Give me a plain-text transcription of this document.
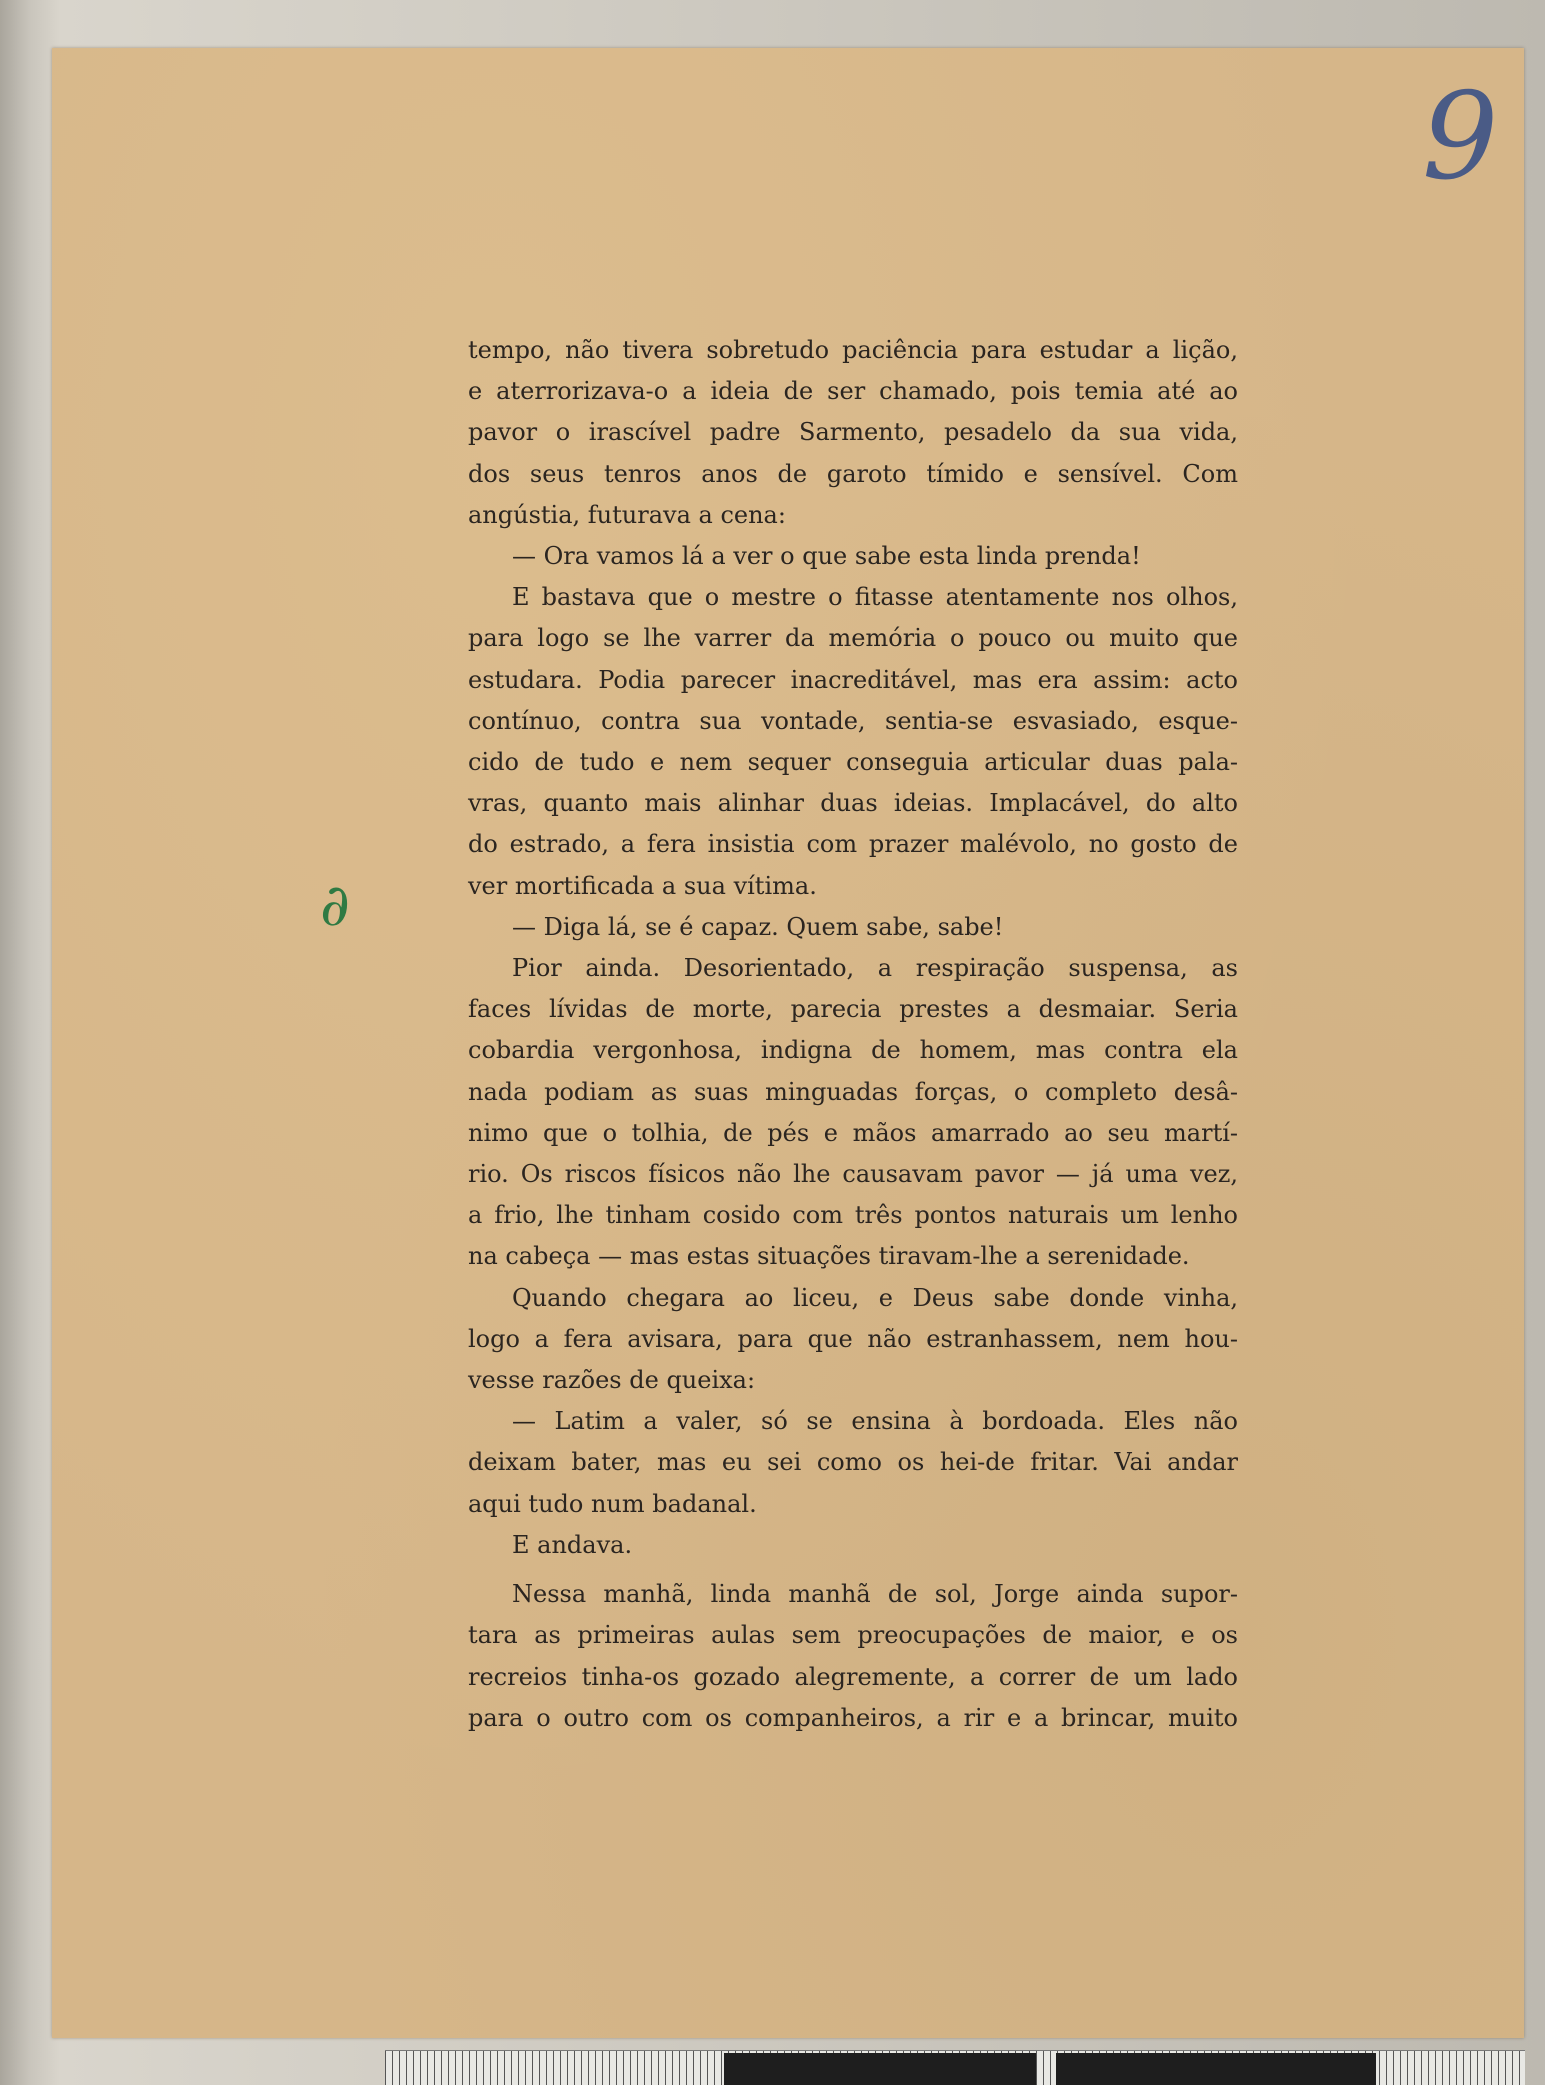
9
∂
tempo, não tivera sobretudo paciência para estudar a lição,
e aterrorizava-o a ideia de ser chamado, pois temia até ao
pavor o irascível padre Sarmento, pesadelo da sua vida,
dos seus tenros anos de garoto tímido e sensível. Com
angústia, futurava a cena:
— Ora vamos lá a ver o que sabe esta linda prenda!
E bastava que o mestre o fitasse atentamente nos olhos,
para logo se lhe varrer da memória o pouco ou muito que
estudara. Podia parecer inacreditável, mas era assim: acto
contínuo, contra sua vontade, sentia-se esvasiado, esque-
cido de tudo e nem sequer conseguia articular duas pala-
vras, quanto mais alinhar duas ideias. Implacável, do alto
do estrado, a fera insistia com prazer malévolo, no gosto de
ver mortificada a sua vítima.
— Diga lá, se é capaz. Quem sabe, sabe!
Pior ainda. Desorientado, a respiração suspensa, as
faces lívidas de morte, parecia prestes a desmaiar. Seria
cobardia vergonhosa, indigna de homem, mas contra ela
nada podiam as suas minguadas forças, o completo desâ-
nimo que o tolhia, de pés e mãos amarrado ao seu martí-
rio. Os riscos físicos não lhe causavam pavor — já uma vez,
a frio, lhe tinham cosido com três pontos naturais um lenho
na cabeça — mas estas situações tiravam-lhe a serenidade.
Quando chegara ao liceu, e Deus sabe donde vinha,
logo a fera avisara, para que não estranhassem, nem hou-
vesse razões de queixa:
— Latim a valer, só se ensina à bordoada. Eles não
deixam bater, mas eu sei como os hei-de fritar. Vai andar
aqui tudo num badanal.
E andava.
Nessa manhã, linda manhã de sol, Jorge ainda supor-
tara as primeiras aulas sem preocupações de maior, e os
recreios tinha-os gozado alegremente, a correr de um lado
para o outro com os companheiros, a rir e a brincar, muito
